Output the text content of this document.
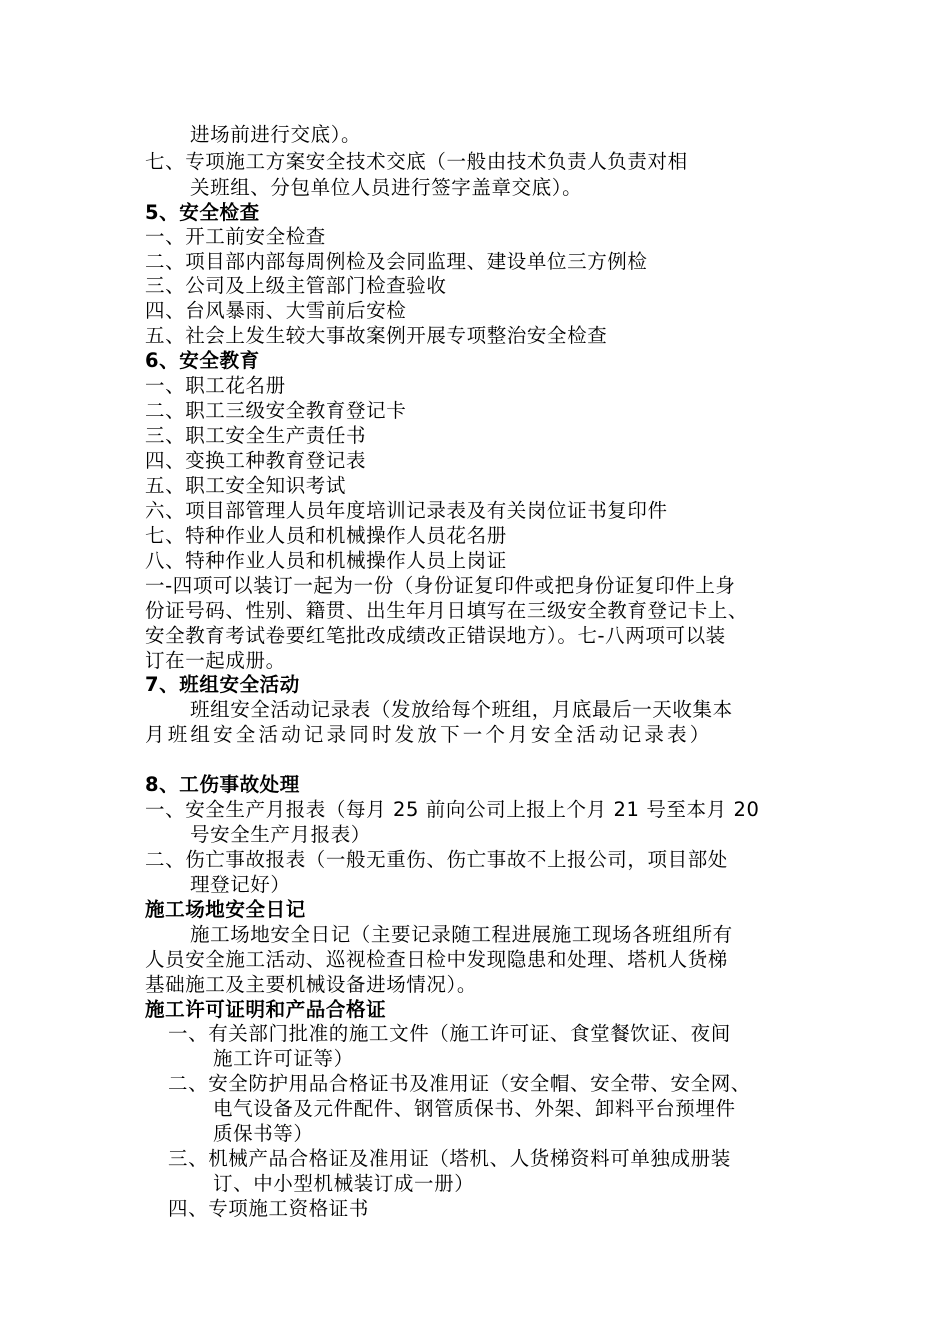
进场前进行交底）。
七、专项施工方案安全技术交底（一般由技术负责人负责对相
关班组、分包单位人员进行签字盖章交底）。
5、安全检查
一、开工前安全检查
二、项目部内部每周例检及会同监理、建设单位三方例检
三、公司及上级主管部门检查验收
四、台风暴雨、大雪前后安检
五、社会上发生较大事故案例开展专项整治安全检查
6、安全教育
一、职工花名册
二、职工三级安全教育登记卡
三、职工安全生产责任书
四、变换工种教育登记表
五、职工安全知识考试
六、项目部管理人员年度培训记录表及有关岗位证书复印件
七、特种作业人员和机械操作人员花名册
八、特种作业人员和机械操作人员上岗证
一-四项可以装订一起为一份（身份证复印件或把身份证复印件上身
份证号码、性别、籍贯、出生年月日填写在三级安全教育登记卡上、
安全教育考试卷要红笔批改成绩改正错误地方）。七-八两项可以装
订在一起成册。
7、班组安全活动
班组安全活动记录表（发放给每个班组，月底最后一天收集本
月班组安全活动记录同时发放下一个月安全活动记录表）
8、工伤事故处理
一、安全生产月报表（每月 25 前向公司上报上个月 21 号至本月 20
号安全生产月报表）
二、伤亡事故报表（一般无重伤、伤亡事故不上报公司，项目部处
理登记好）
施工场地安全日记
施工场地安全日记（主要记录随工程进展施工现场各班组所有
人员安全施工活动、巡视检查日检中发现隐患和处理、塔机人货梯
基础施工及主要机械设备进场情况）。
施工许可证明和产品合格证
一、有关部门批准的施工文件（施工许可证、食堂餐饮证、夜间
施工许可证等）
二、安全防护用品合格证书及准用证（安全帽、安全带、安全网、
电气设备及元件配件、钢管质保书、外架、卸料平台预埋件
质保书等）
三、机械产品合格证及准用证（塔机、人货梯资料可单独成册装
订、中小型机械装订成一册）
四、专项施工资格证书
